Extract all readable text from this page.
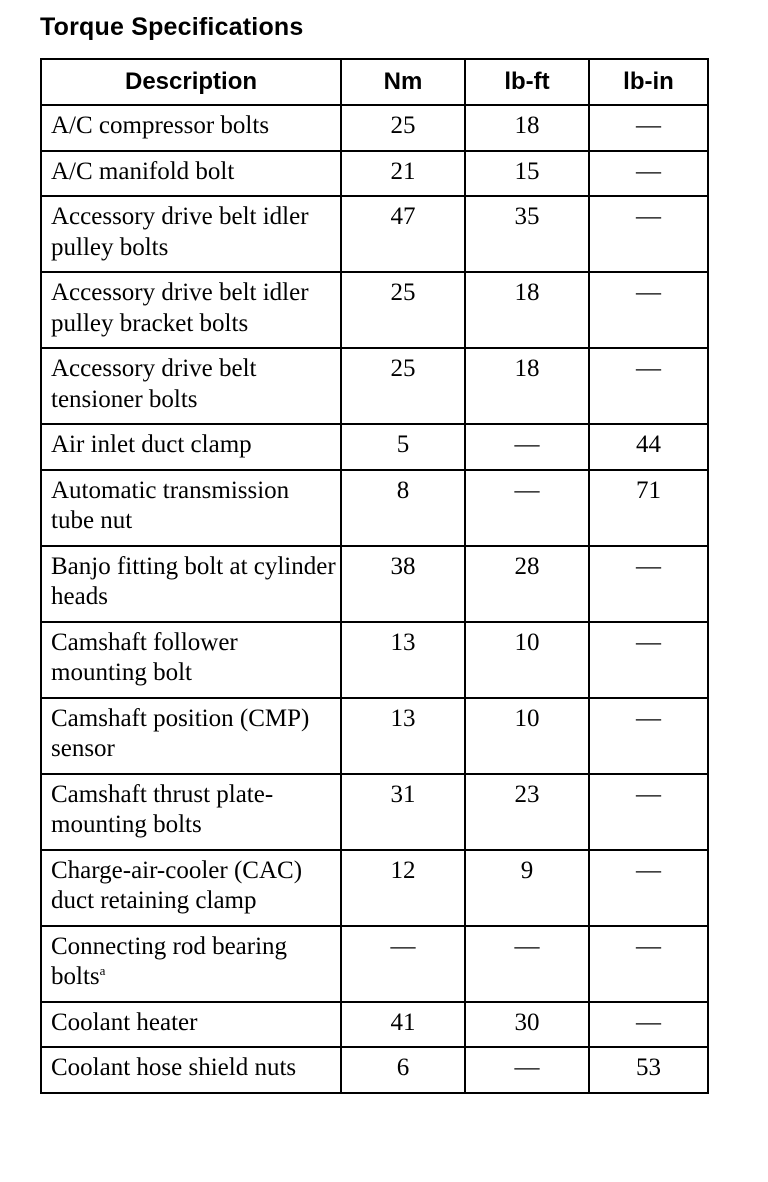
Torque Specifications
Description	Nm	lb-ft	lb-in
A/C compressor bolts	25	18	—
A/C manifold bolt	21	15	—
Accessory drive belt idler pulley bolts	47	35	—
Accessory drive belt idler pulley bracket bolts	25	18	—
Accessory drive belt tensioner bolts	25	18	—
Air inlet duct clamp	5	—	44
Automatic transmission tube nut	8	—	71
Banjo fitting bolt at cylinder heads	38	28	—
Camshaft follower mounting bolt	13	10	—
Camshaft position (CMP) sensor	13	10	—
Camshaft thrust plate-mounting bolts	31	23	—
Charge-air-cooler (CAC) duct retaining clamp	12	9	—
Connecting rod bearing bolts$^a$	—	—	—
Coolant heater	41	30	—
Coolant hose shield nuts	6	—	53
